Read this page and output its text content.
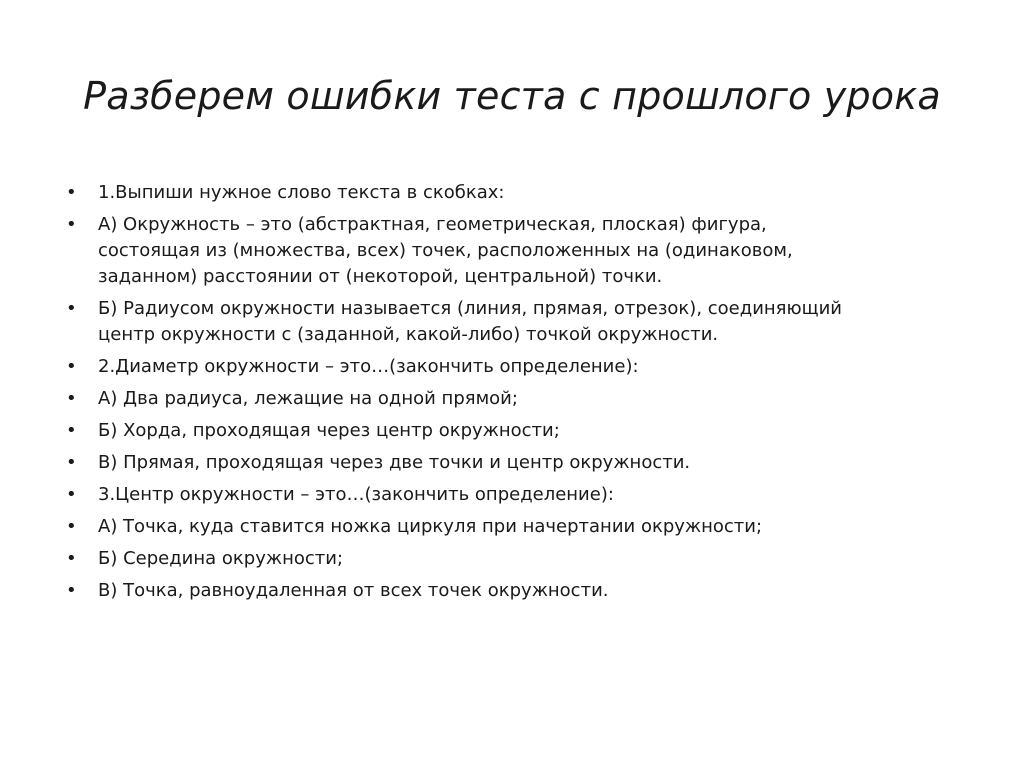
Разберем ошибки теста с прошлого урока
•	1.Выпиши нужное слово текста в скобках:
•	А) Окружность – это (абстрактная, геометрическая, плоская) фигура,
состоящая из (множества, всех) точек, расположенных на (одинаковом,
заданном) расстоянии от (некоторой, центральной) точки.
•	Б) Радиусом окружности называется (линия, прямая, отрезок), соединяющий
центр окружности с (заданной, какой-либо) точкой окружности.
•	2.Диаметр окружности – это…(закончить определение):
•	А) Два радиуса, лежащие на одной прямой;
•	Б) Хорда, проходящая через центр окружности;
•	В) Прямая, проходящая через две точки и центр окружности.
•	3.Центр окружности – это…(закончить определение):
•	А) Точка, куда ставится ножка циркуля при начертании окружности;
•	Б) Середина окружности;
•	В) Точка, равноудаленная от всех точек окружности.
